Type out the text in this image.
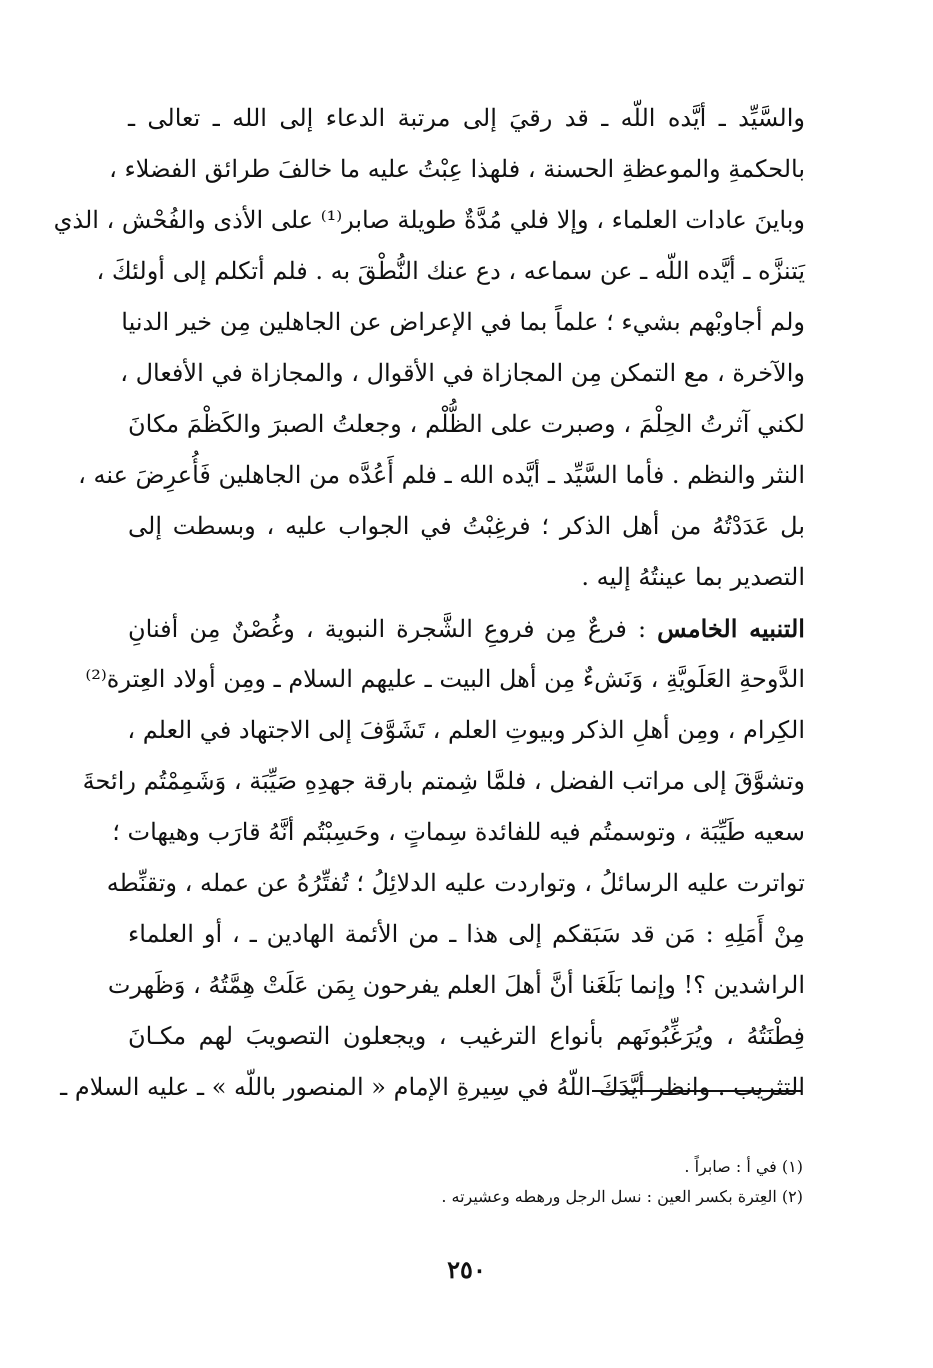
والسَّيِّد ـ أيَّده اللّه ـ قد رقيَ إلى مرتبة الدعاء إلى الله ـ تعالى ـ
بالحكمةِ والموعظةِ الحسنة ، فلهذا عِبْتُ عليه ما خالفَ طرائق الفضلاء ،
وباينَ عادات العلماء ، وإلا فلي مُدَّةٌ طويلة صابر⁽¹⁾ على الأذى والفُحْش ، الذي
يَتنزَّه ـ أيَّده اللّه ـ عن سماعه ، دع عنك النُّطْقَ به . فلم أتكلم إلى أولئكَ ،
ولم أجاوبْهم بشيء ؛ علماً بما في الإعراض عن الجاهلين مِن خير الدنيا
والآخرة ، مع التمكن مِن المجازاة في الأقوال ، والمجازاة في الأفعال ،
لكني آثرتُ الحِلْمَ ، وصبرت على الظُّلْم ، وجعلتُ الصبرَ والكَظْمَ مكانَ
النثر والنظم . فأما السَّيِّد ـ أيَّده الله ـ فلم أَعُدَّه من الجاهلين فَأُعرِضَ عنه ،
بل عَدَدْتُهُ من أهل الذكر ؛ فرغِبْتُ في الجواب عليه ، وبسطت إلى
التصدير بما عينتُهُ إليه .
التنبيه الخامس : فرعٌ مِن فروعِ الشَّجرة النبوية ، وغُصْنٌ مِن أفنانِ
الدَّوحةِ العَلَويَّةِ ، وَنَشءٌ مِن أهل البيت ـ عليهم السلام ـ ومِن أولاد العِترة⁽²⁾
الكِرام ، ومِن أهلِ الذكر وبيوتِ العلم ، تَشَوَّفَ إلى الاجتهاد في العلم ،
وتشوَّقَ إلى مراتب الفضل ، فلمَّا شِمتم بارقة جهدِهِ صَيِّبَة ، وَشَمِمْتُم رائحةَ
سعيه طَيِّبَة ، وتوسمتُم فيه للفائدة سِماتٍ ، وحَسِبْتُم أنَّهُ قارَب وهيهات ؛
تواترت عليه الرسائلُ ، وتواردت عليه الدلائِلُ ؛ تُفتِّرُهُ عن عمله ، وتقنِّطه
مِنْ أَمَلِهِ : مَن قد سَبَقكم إلى هذا ـ من الأئمة الهادين ـ ، أو العلماء
الراشدين ؟! وإنما بَلَغَنا أنَّ أهلَ العلم يفرحون بِمَن عَلَتْ هِمَّتُهُ ، وَظَهرت
فِطْنَتُهُ ، ويُرَغِّبُونَهم بأنواع الترغيب ، ويجعلون التصويبَ لهم مكـانَ
التثريب . وانظر أيَّدَكَ اللّهُ في سِيرةِ الإمام « المنصور باللّه » ـ عليه السلام ـ
(١) في أ : صابراً .
(٢) العِترة بكسر العين : نسل الرجل ورهطه وعشيرته .
٢٥٠
